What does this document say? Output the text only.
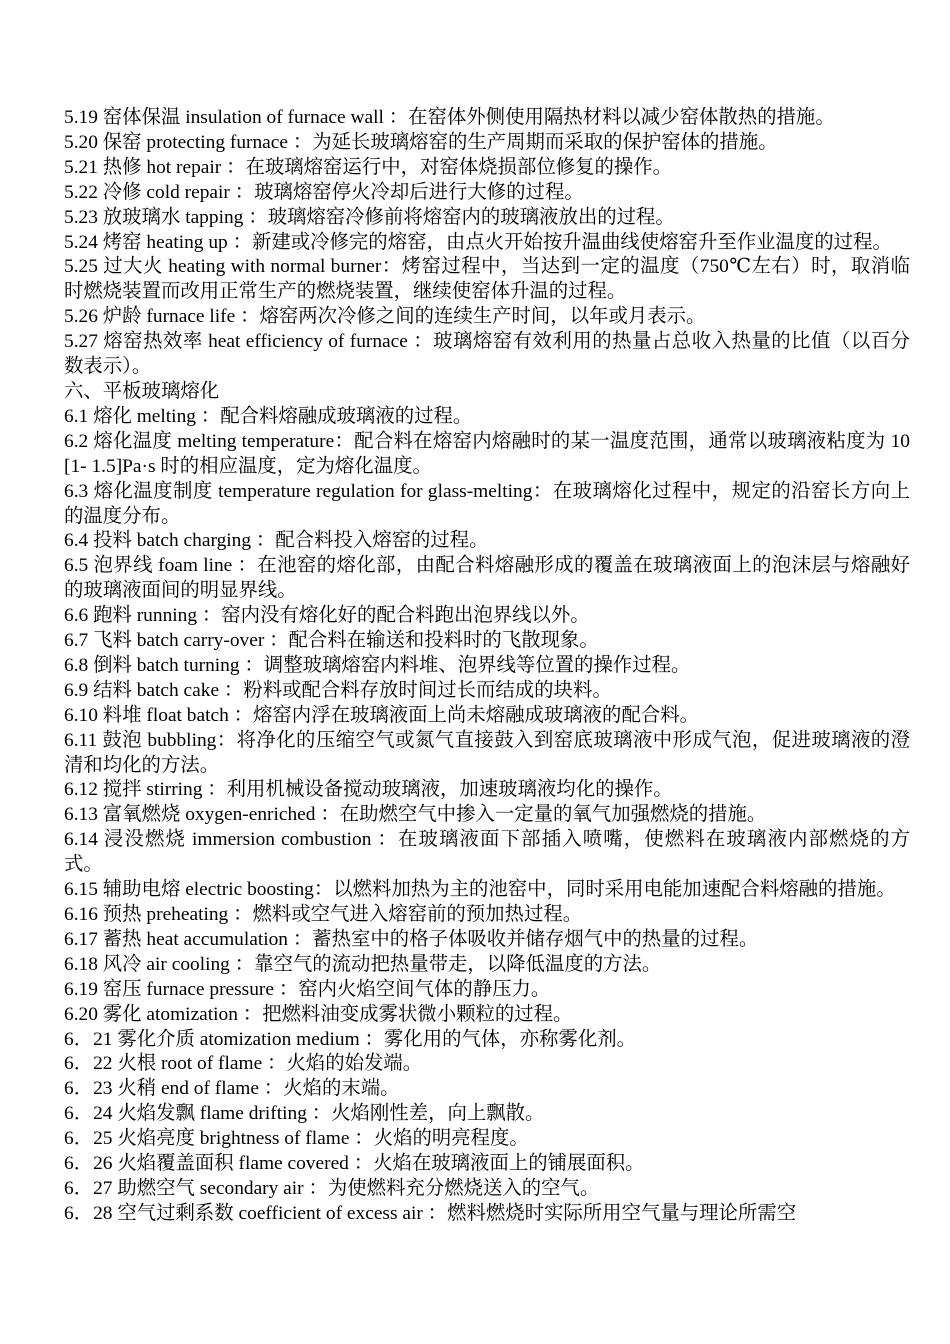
5.19 窑体保温 insulation of furnace wall ：在窑体外侧使用隔热材料以减少窑体散热的措施。

5.20 保窑 protecting furnace ：为延长玻璃熔窑的生产周期而采取的保护窑体的措施。

5.21 热修 hot repair ：在玻璃熔窑运行中，对窑体烧损部位修复的操作。

5.22 冷修 cold repair ：玻璃熔窑停火冷却后进行大修的过程。

5.23 放玻璃水 tapping ：玻璃熔窑冷修前将熔窑内的玻璃液放出的过程。

5.24 烤窑 heating up ：新建或冷修完的熔窑，由点火开始按升温曲线使熔窑升至作业温度的过程。

5.25 过大火 heating with normal burner：烤窑过程中，当达到一定的温度（750℃左右）时，取消临时燃烧装置而改用正常生产的燃烧装置，继续使窑体升温的过程。

5.26 炉龄 furnace life ：熔窑两次冷修之间的连续生产时间，以年或月表示。

5.27 熔窑热效率 heat efficiency of furnace ：玻璃熔窑有效利用的热量占总收入热量的比值（以百分数表示）。

六、平板玻璃熔化

6.1 熔化 melting ：配合料熔融成玻璃液的过程。

6.2 熔化温度 melting temperature：配合料在熔窑内熔融时的某一温度范围，通常以玻璃液粘度为 10[1- 1.5]Pa·s 时的相应温度，定为熔化温度。

6.3 熔化温度制度 temperature regulation for glass-melting：在玻璃熔化过程中，规定的沿窑长方向上的温度分布。

6.4 投料 batch charging ：配合料投入熔窑的过程。

6.5 泡界线 foam line ：在池窑的熔化部，由配合料熔融形成的覆盖在玻璃液面上的泡沫层与熔融好的玻璃液面间的明显界线。

6.6 跑料 running ：窑内没有熔化好的配合料跑出泡界线以外。

6.7 飞料 batch carry-over ：配合料在输送和投料时的飞散现象。

6.8 倒料 batch turning ：调整玻璃熔窑内料堆、泡界线等位置的操作过程。

6.9 结料 batch cake ：粉料或配合料存放时间过长而结成的块料。

6.10 料堆 float batch ：熔窑内浮在玻璃液面上尚未熔融成玻璃液的配合料。

6.11 鼓泡 bubbling：将净化的压缩空气或氮气直接鼓入到窑底玻璃液中形成气泡，促进玻璃液的澄清和均化的方法。

6.12 搅拌 stirring ：利用机械设备搅动玻璃液，加速玻璃液均化的操作。

6.13 富氧燃烧 oxygen-enriched ：在助燃空气中掺入一定量的氧气加强燃烧的措施。

6.14 浸没燃烧 immersion combustion ：在玻璃液面下部插入喷嘴，使燃料在玻璃液内部燃烧的方式。

6.15 辅助电熔 electric boosting：以燃料加热为主的池窑中，同时采用电能加速配合料熔融的措施。

6.16 预热 preheating ：燃料或空气进入熔窑前的预加热过程。

6.17 蓄热 heat accumulation ：蓄热室中的格子体吸收并储存烟气中的热量的过程。

6.18 风冷 air cooling ：靠空气的流动把热量带走，以降低温度的方法。

6.19 窑压 furnace pressure ：窑内火焰空间气体的静压力。

6.20 雾化 atomization ：把燃料油变成雾状微小颗粒的过程。

6．21 雾化介质 atomization medium ：雾化用的气体，亦称雾化剂。

6．22 火根 root of flame ：火焰的始发端。

6．23 火稍 end of flame ：火焰的末端。

6．24 火焰发飘 flame drifting ：火焰刚性差，向上飘散。

6．25 火焰亮度 brightness of flame ：火焰的明亮程度。

6．26 火焰覆盖面积 flame covered ：火焰在玻璃液面上的铺展面积。

6．27 助燃空气 secondary air ：为使燃料充分燃烧送入的空气。

6．28 空气过剩系数 coefficient of excess air ：燃料燃烧时实际所用空气量与理论所需空
